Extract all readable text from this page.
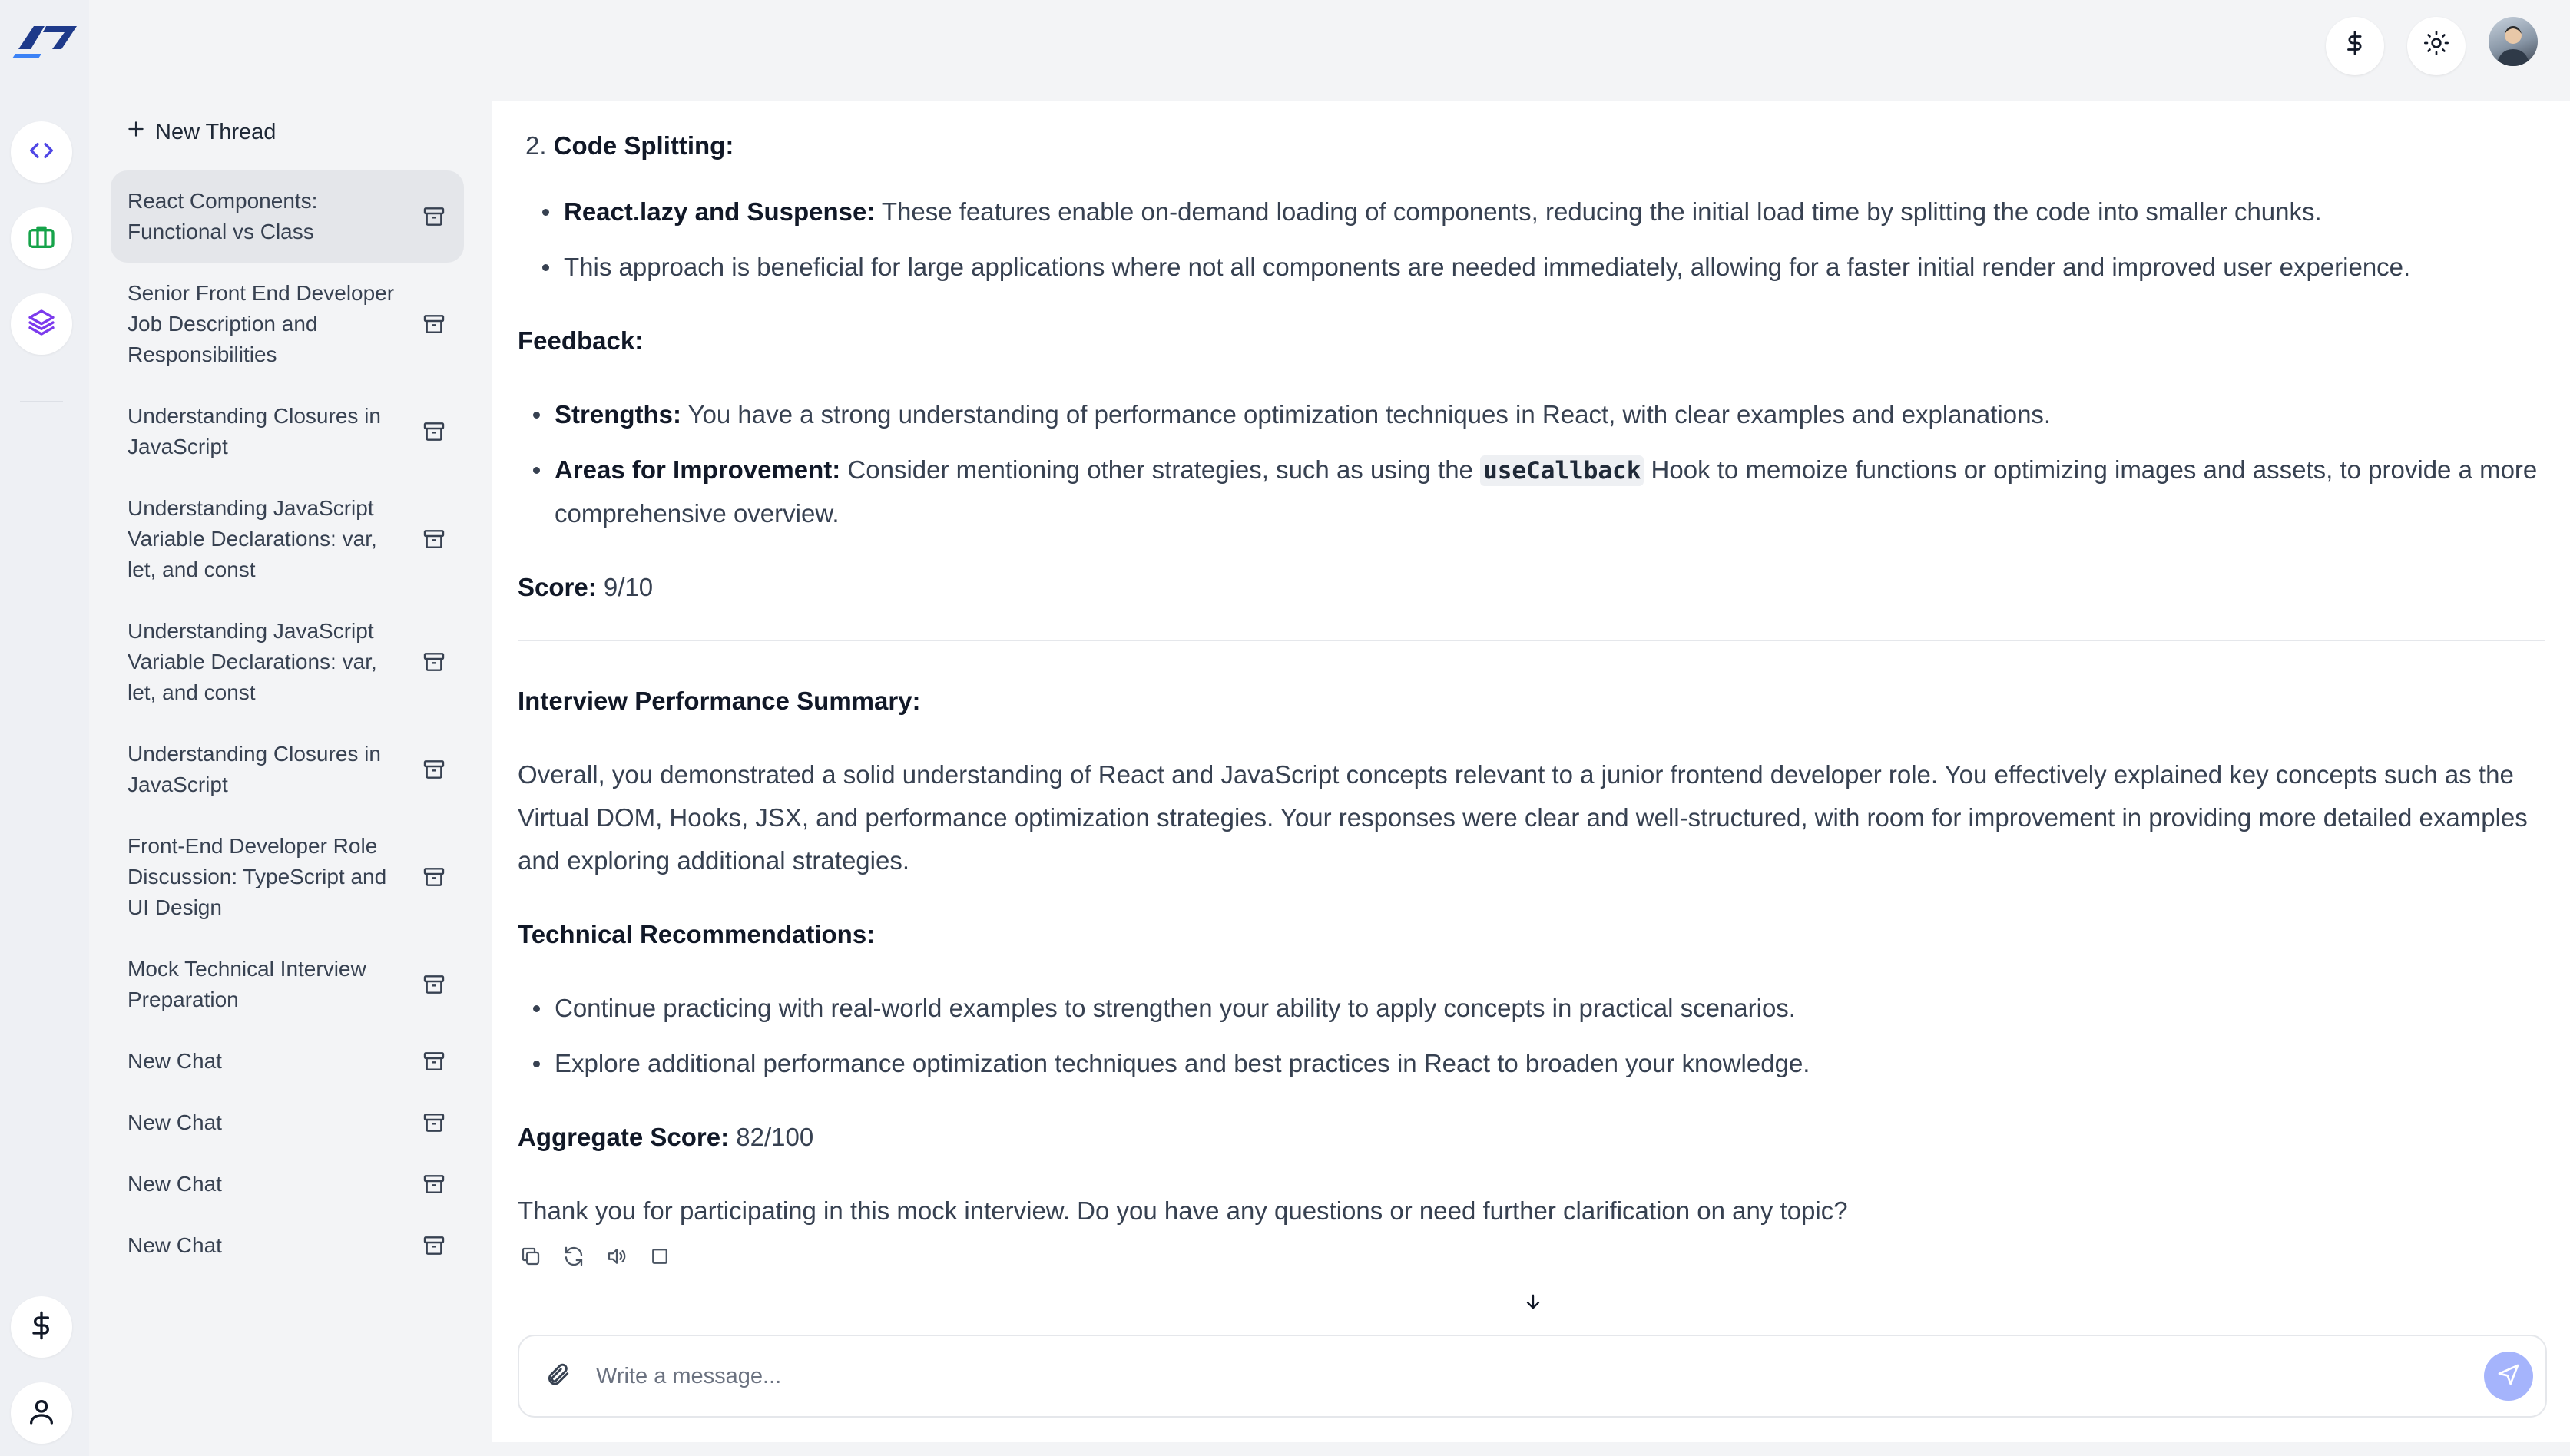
New Thread
React Components: Functional vs Class
Senior Front End Developer Job Description and Responsibilities
Understanding Closures in JavaScript
Understanding JavaScript Variable Declarations: var, let, and const
Understanding JavaScript Variable Declarations: var, let, and const
Understanding Closures in JavaScript
Front-End Developer Role Discussion: TypeScript and UI Design
Mock Technical Interview Preparation
New Chat
New Chat
New Chat
New Chat
2. Code Splitting:
React.lazy and Suspense: These features enable on-demand loading of components, reducing the initial load time by splitting the code into smaller chunks.
This approach is beneficial for large applications where not all components are needed immediately, allowing for a faster initial render and improved user experience.
Feedback:
Strengths: You have a strong understanding of performance optimization techniques in React, with clear examples and explanations.
Areas for Improvement: Consider mentioning other strategies, such as using the useCallback Hook to memoize functions or optimizing images and assets, to provide a more comprehensive overview.
Score: 9/10
Interview Performance Summary:
Overall, you demonstrated a solid understanding of React and JavaScript concepts relevant to a junior frontend developer role. You effectively explained key concepts such as the Virtual DOM, Hooks, JSX, and performance optimization strategies. Your responses were clear and well-structured, with room for improvement in providing more detailed examples and exploring additional strategies.
Technical Recommendations:
Continue practicing with real-world examples to strengthen your ability to apply concepts in practical scenarios.
Explore additional performance optimization techniques and best practices in React to broaden your knowledge.
Aggregate Score: 82/100
Thank you for participating in this mock interview. Do you have any questions or need further clarification on any topic?
Write a message...
